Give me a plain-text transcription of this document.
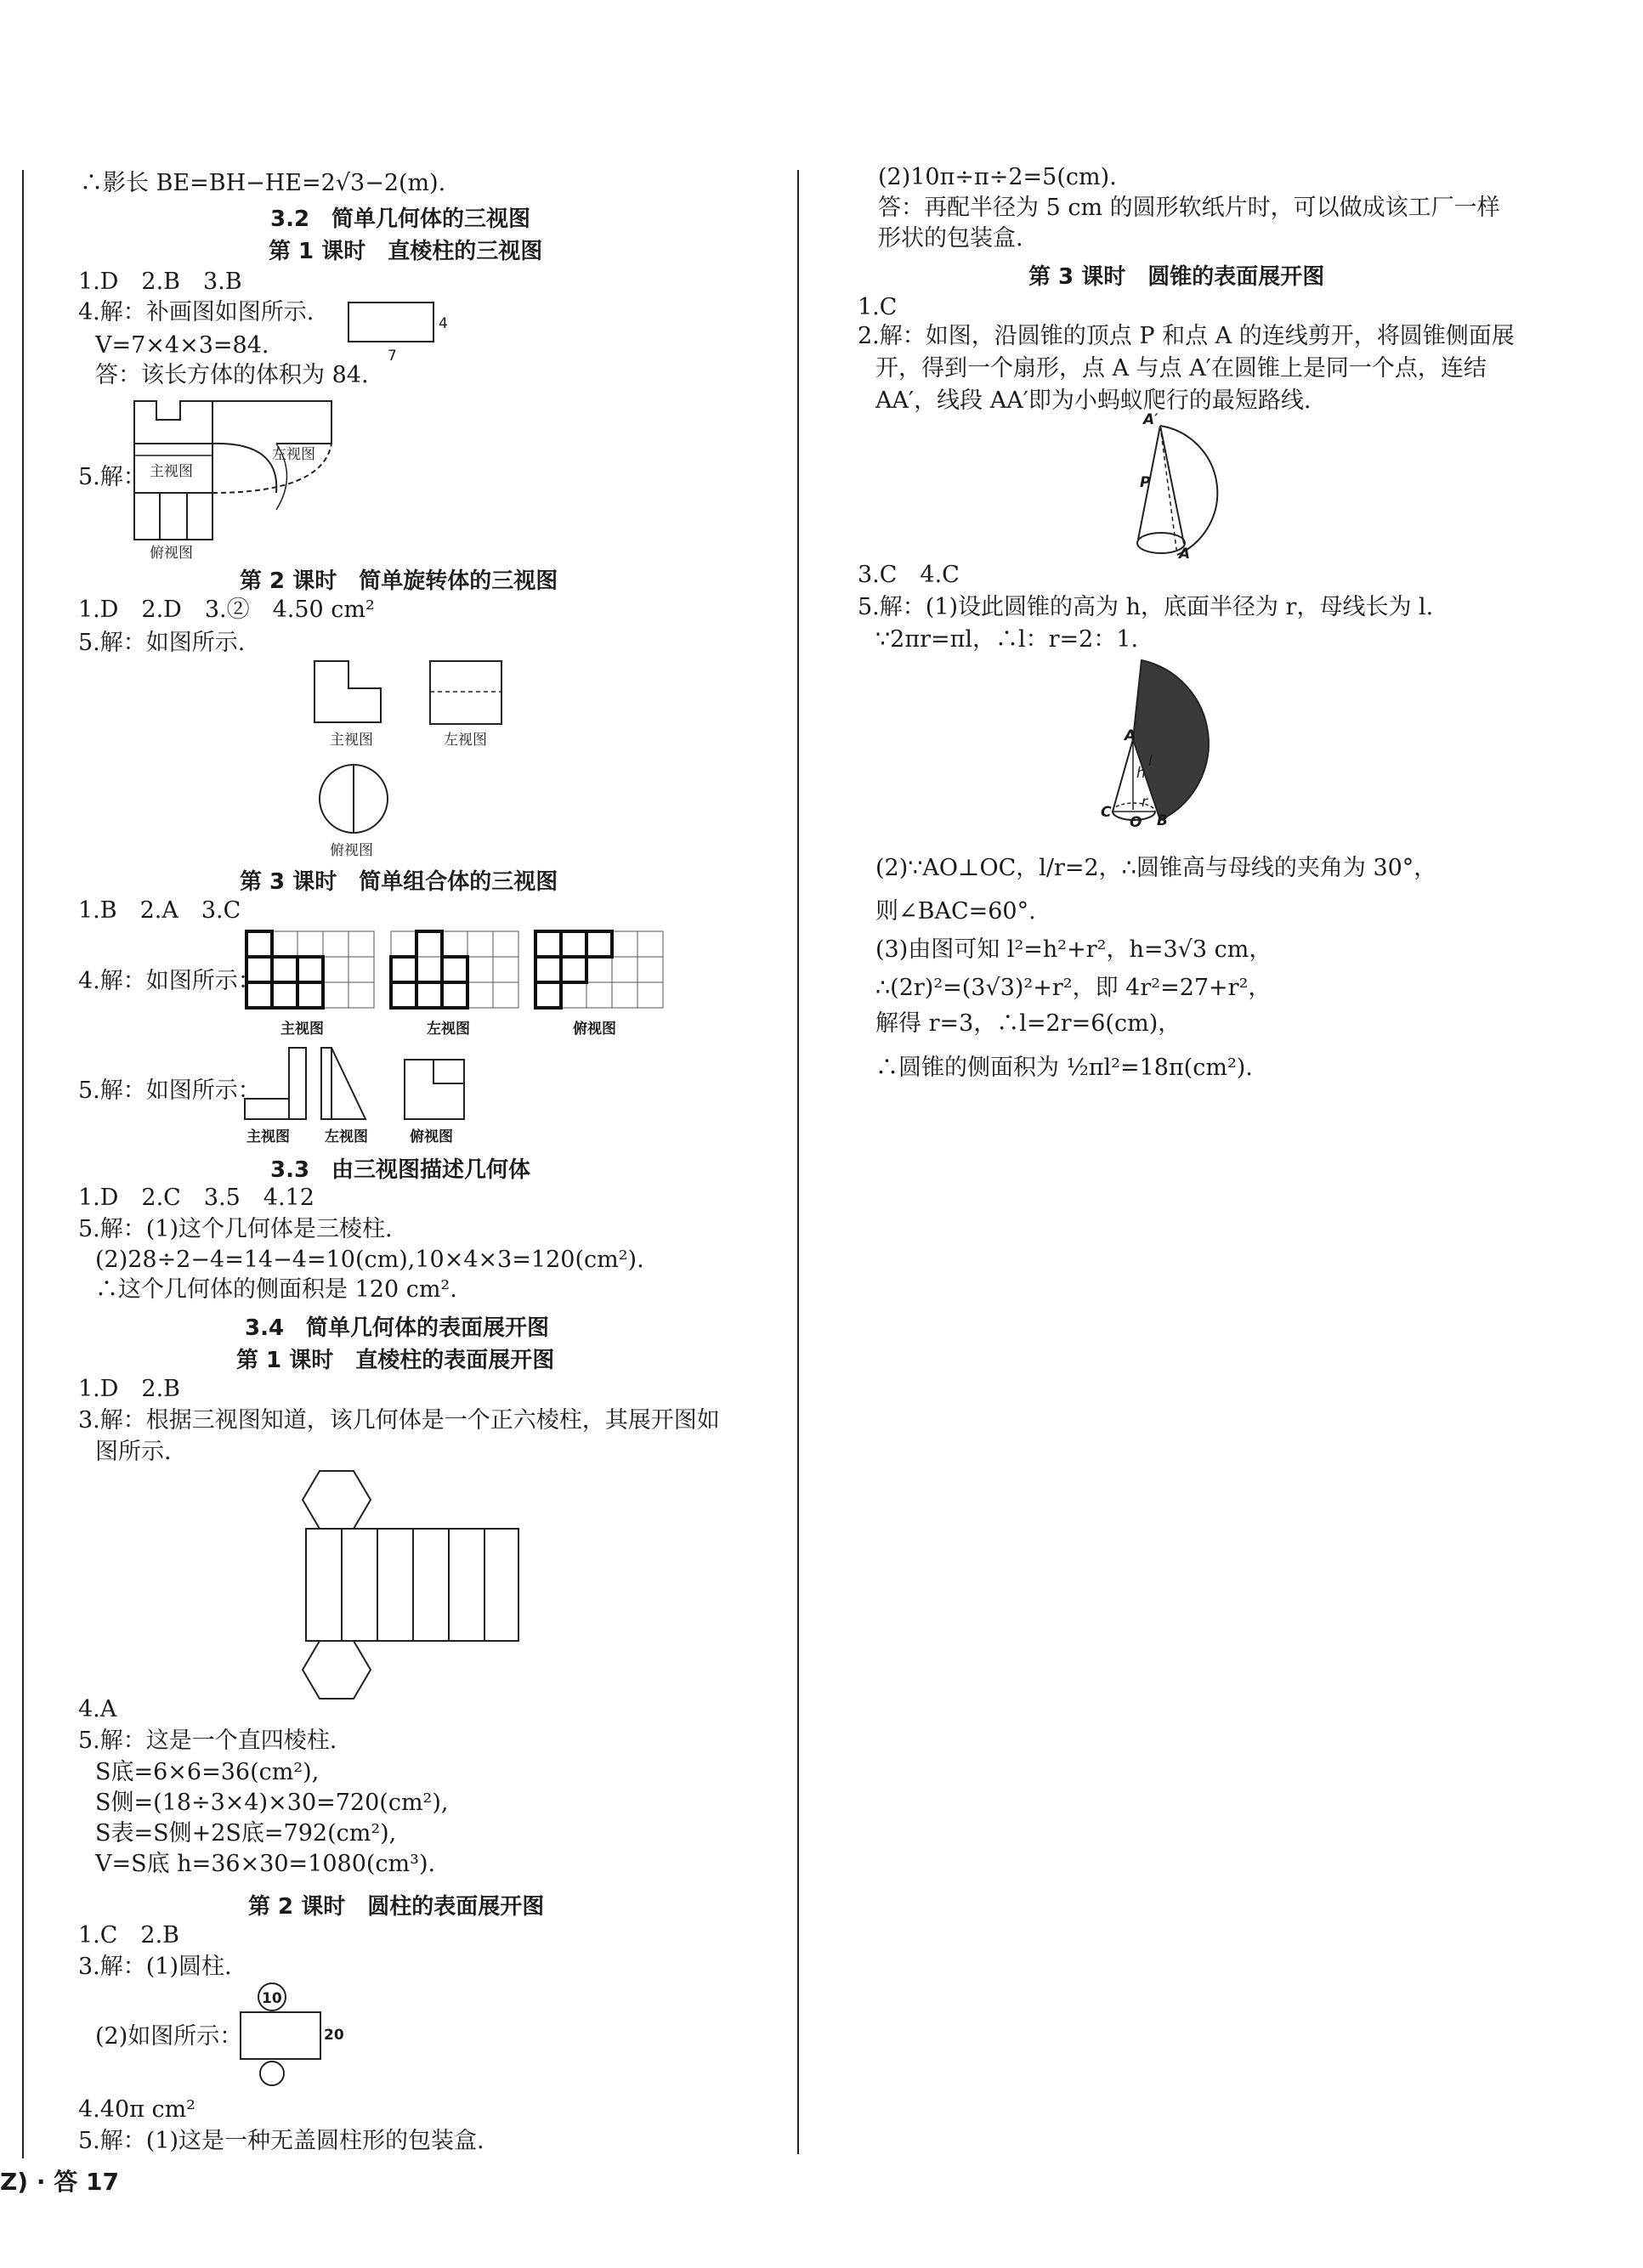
∴影长 BE=BH−HE=2√3−2(m).
3.2　简单几何体的三视图
第 1 课时　直棱柱的三视图
1.D　2.B　3.B
4.解：补画图如图所示.
V=7×4×3=84.
答：该长方体的体积为 84.
4
7
5.解： 主视图
左视图
俯视图
第 2 课时　简单旋转体的三视图
1.D　2.D　3.②　4.50 cm²
5.解：如图所示.
主视图	左视图
俯视图
第 3 课时　简单组合体的三视图
1.B　2.A　3.C
4.解：如图所示：
主视图	左视图	俯视图
5.解：如图所示：
主视图 左视图	俯视图
3.3　由三视图描述几何体
1.D　2.C　3.5　4.12
5.解：(1)这个几何体是三棱柱.
(2)28÷2−4=14−4=10(cm),10×4×3=120(cm²).
∴这个几何体的侧面积是 120 cm².
3.4　简单几何体的表面展开图
第 1 课时　直棱柱的表面展开图
1.D　2.B
3.解：根据三视图知道，该几何体是一个正六棱柱，其展开图如
图所示.
4.A
5.解：这是一个直四棱柱.
S底=6×6=36(cm²),
S侧=(18÷3×4)×30=720(cm²),
S表=S侧+2S底=792(cm²),
V=S底 h=36×30=1080(cm³).
第 2 课时　圆柱的表面展开图
1.C　2.B
3.解：(1)圆柱.
(2)如图所示：
10
20
4.40π cm²
5.解：(1)这是一种无盖圆柱形的包装盒.
(2)10π÷π÷2=5(cm).
答：再配半径为 5 cm 的圆形软纸片时，可以做成该工厂一样
形状的包装盒.
第 3 课时　圆锥的表面展开图
1.C
2.解：如图，沿圆锥的顶点 P 和点 A 的连线剪开，将圆锥侧面展
开，得到一个扇形，点 A 与点 A′在圆锥上是同一个点，连结
AA′，线段 AA′即为小蚂蚁爬行的最短路线.
A′
P
A
3.C　4.C
5.解：(1)设此圆锥的高为 h，底面半径为 r，母线长为 l.
∵2πr=πl，∴l：r=2：1.
A
h
l
C
O
r
B
(2)∵AO⊥OC，l/r=2，∴圆锥高与母线的夹角为 30°，
则∠BAC=60°.
(3)由图可知 l²=h²+r²，h=3√3 cm，
∴(2r)²=(3√3)²+r²，即 4r²=27+r²，
解得 r=3，∴l=2r=6(cm)，
∴圆锥的侧面积为 ½πl²=18π(cm²).
Z) · 答 17
